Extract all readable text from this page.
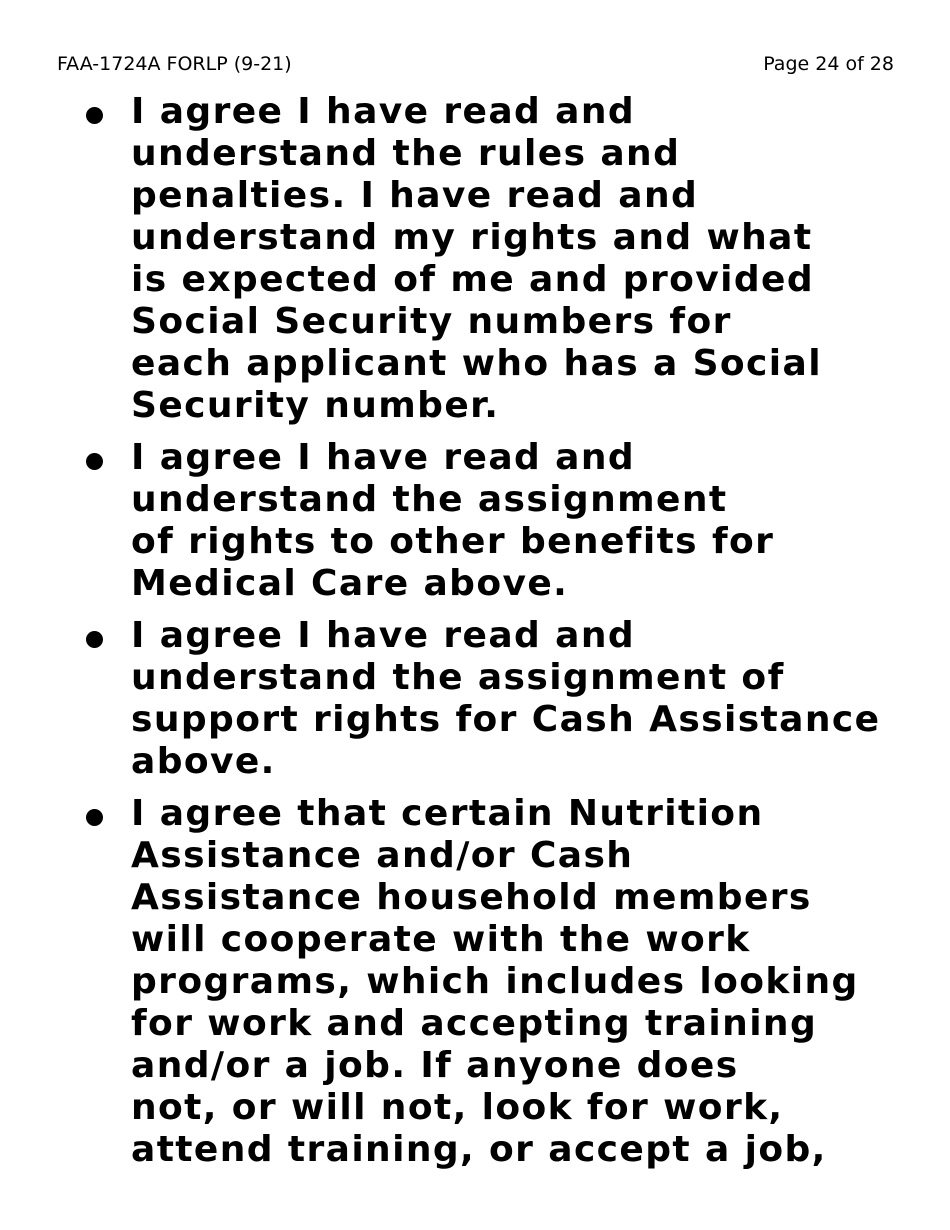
FAA-1724A FORLP (9-21)	Page 24 of 28
I agree I have read and
understand the rules and
penalties. I have read and
understand my rights and what
is expected of me and provided
Social Security numbers for
each applicant who has a Social
Security number.
I agree I have read and
understand the assignment
of rights to other benefits for
Medical Care above.
I agree I have read and
understand the assignment of
support rights for Cash Assistance
above.
I agree that certain Nutrition
Assistance and/or Cash
Assistance household members
will cooperate with the work
programs, which includes looking
for work and accepting training
and/or a job. If anyone does
not, or will not, look for work,
attend training, or accept a job,
